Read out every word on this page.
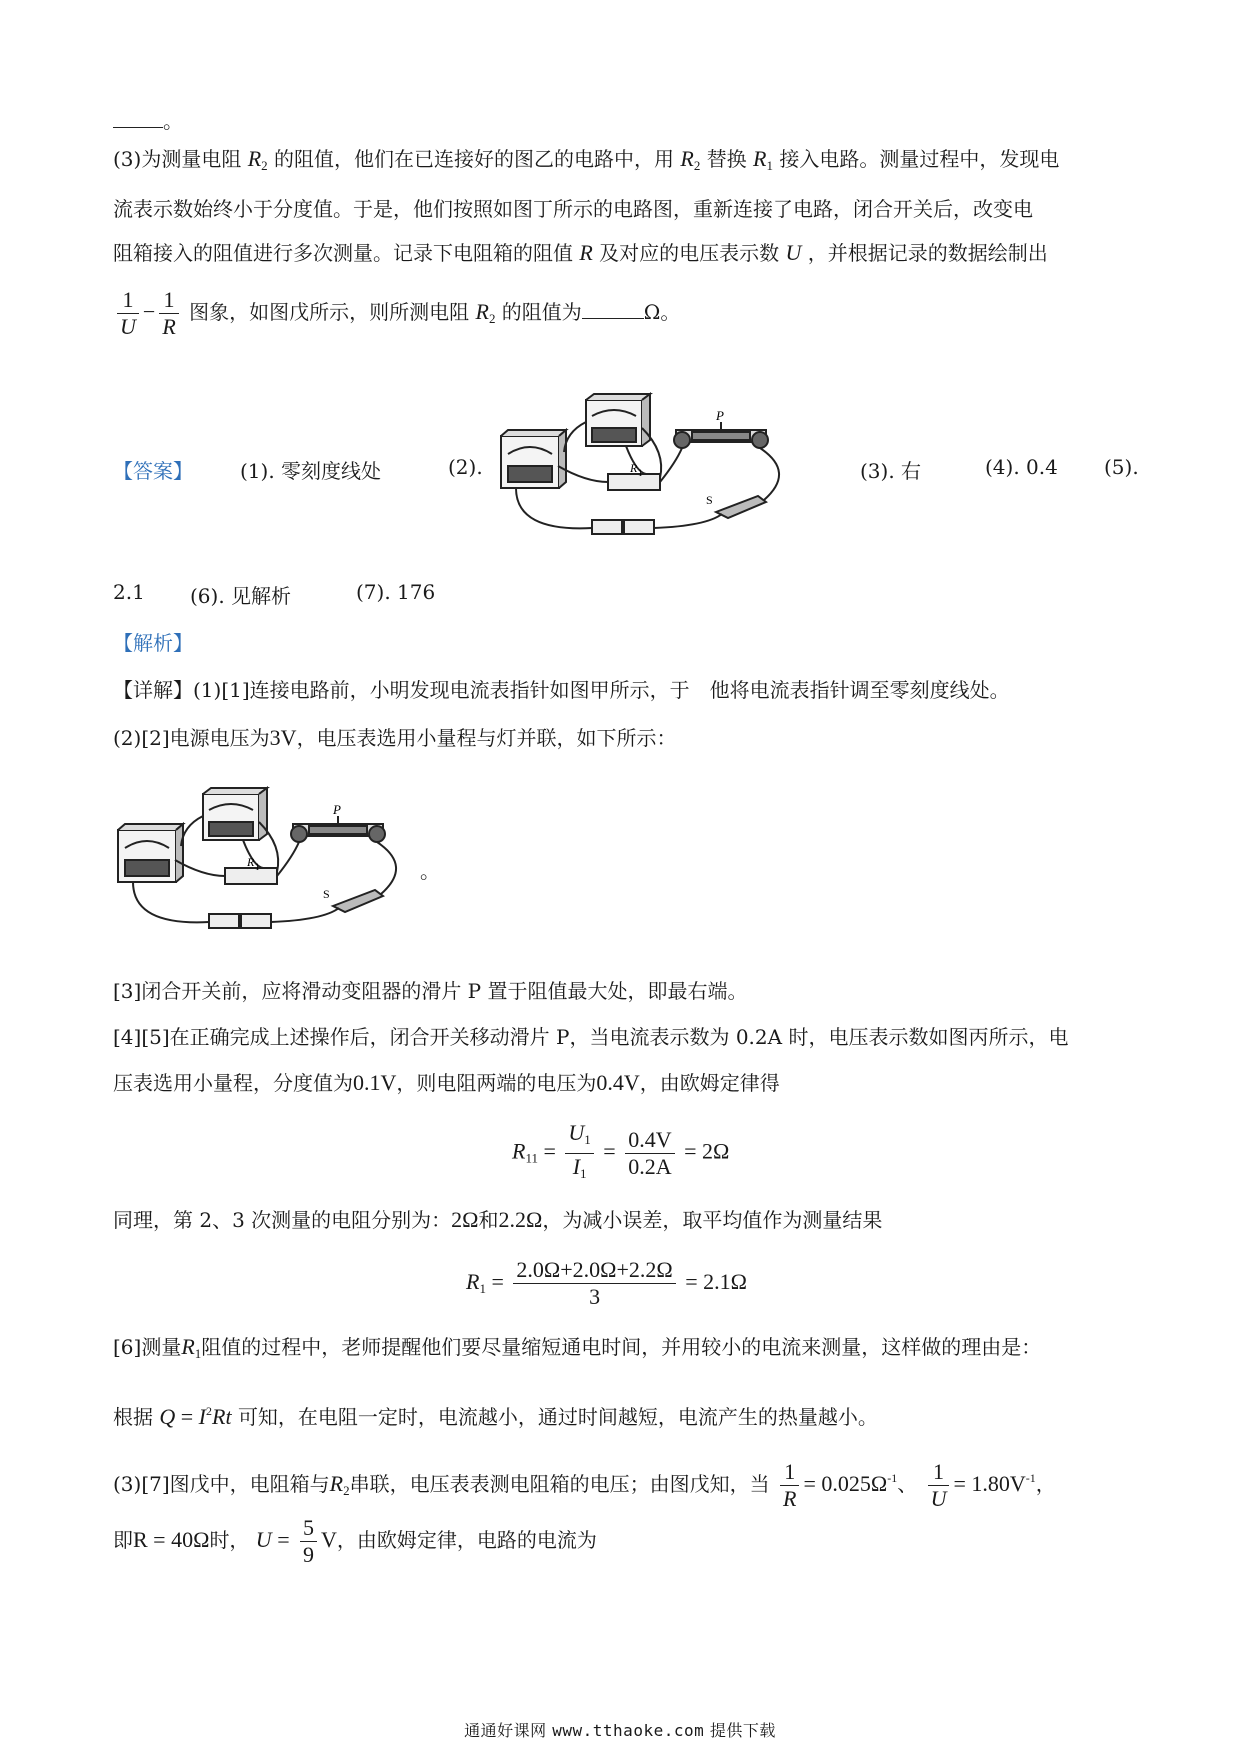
。
(3)为测量电阻 $R_2$ 的阻值，他们在已连接好的图乙的电路中，用 $R_2$ 替换 $R_1$ 接入电路。测量过程中，发现电
流表示数始终小于分度值。于是，他们按照如图丁所示的电路图，重新连接了电路，闭合开关后，改变电
阻箱接入的阻值进行多次测量。记录下电阻箱的阻值 R 及对应的电压表示数 U ，并根据记录的数据绘制出
$\frac{1}{U} - \frac{1}{R}$ 图象，如图戊所示，则所测电阻 $R_2$ 的阻值为	Ω。
【答案】 (1). 零刻度线处	(2).	R 1
P
S
(3). 右	(4). 0.4 (5).
2.1 (6). 见解析	(7). 176
【解析】
【详解】(1)[1]连接电路前，小明发现电流表指针如图甲所示，于　他将电流表指针调至零刻度线处。
(2)[2]电源电压为3V，电压表选用小量程与灯并联，如下所示：
R 1
P
S
。
[3]闭合开关前，应将滑动变阻器的滑片 P 置于阻值最大处，即最右端。
[4][5]在正确完成上述操作后，闭合开关移动滑片 P，当电流表示数为 0.2A 时，电压表示数如图丙所示，电
压表选用小量程，分度值为0.1V，则电阻两端的电压为0.4V，由欧姆定律得
$R_{11} = \frac{U_1}{I_1} = \frac{0.4V}{0.2A} = 2\Omega$
同理，第 2、3 次测量的电阻分别为：2Ω和2.2Ω，为减小误差，取平均值作为测量结果
$R_1 = \frac{2.0\Omega+2.0\Omega+2.2\Omega}{3} = 2.1\Omega$
[6]测量$R_1$阻值的过程中，老师提醒他们要尽量缩短通电时间，并用较小的电流来测量，这样做的理由是：
根据 $Q = I^2Rt$ 可知，在电阻一定时，电流越小，通过时间越短，电流产生的热量越小。
(3)[7]图戊中，电阻箱与$R_2$串联，电压表表测电阻箱的电压；由图戊知，当 $\frac{1}{R} = 0.025\Omega^{-1}$、 $\frac{1}{U} = 1.80V^{-1}$，
即R = 40Ω时， $U = \frac{5}{9}$ V，由欧姆定律，电路的电流为
通通好课网 www.tthaoke.com 提供下载
